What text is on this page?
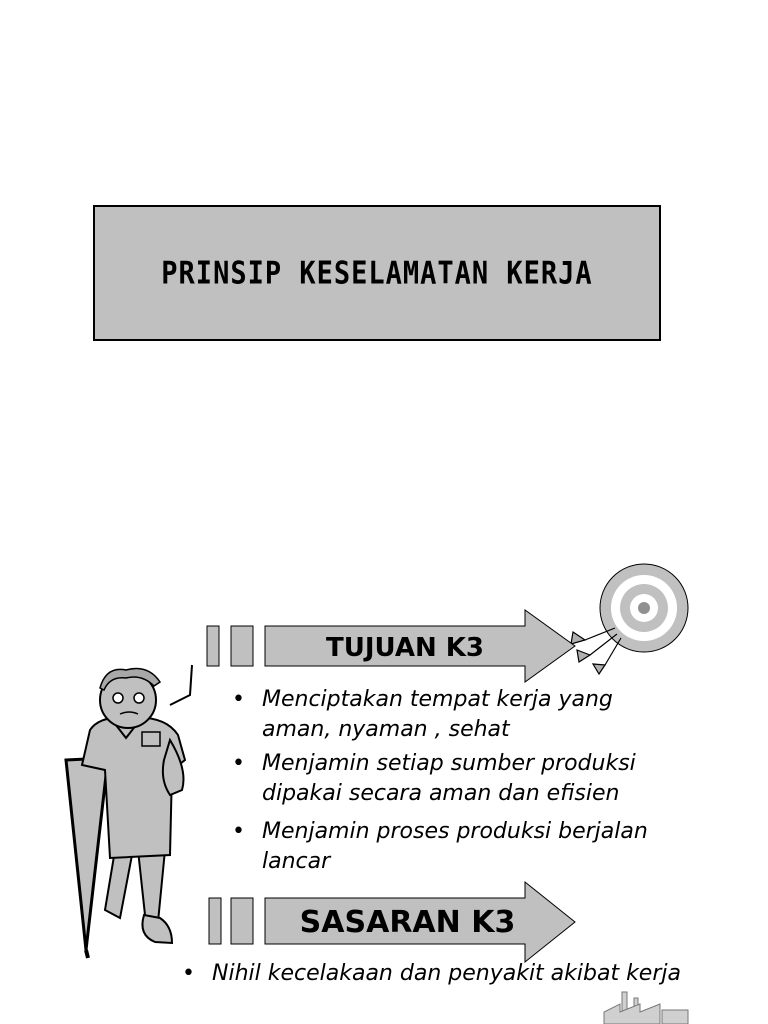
PRINSIP KESELAMATAN KERJA
TUJUAN K3
• Menciptakan tempat kerja yang aman, nyaman , sehat
• Menjamin setiap sumber produksi dipakai secara aman dan efisien
• Menjamin proses produksi berjalan lancar
SASARAN K3
• Nihil kecelakaan dan penyakit akibat kerja
